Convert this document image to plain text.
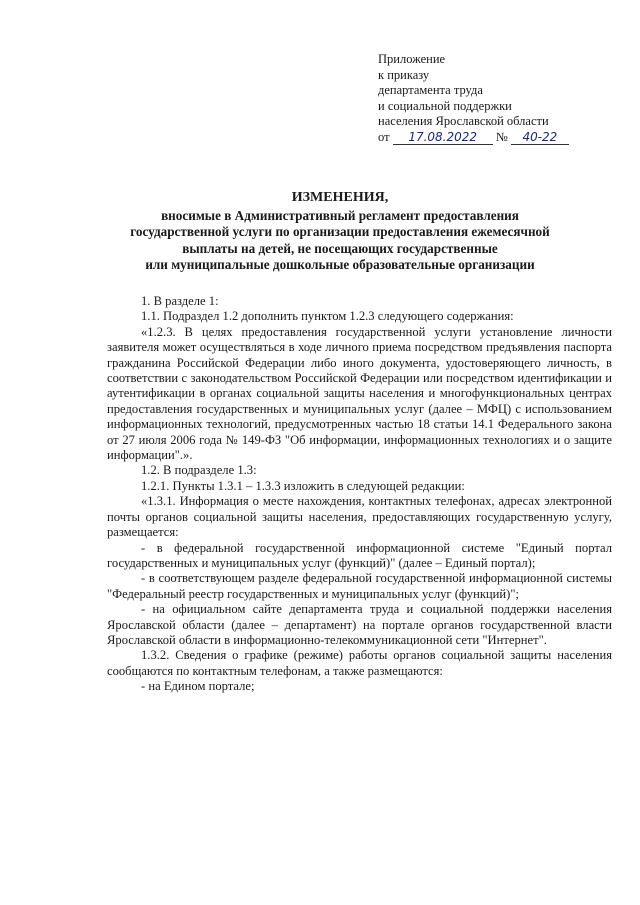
Приложение
к приказу
департамента труда
и социальной поддержки
населения Ярославской области
от 17.08.2022 № 40-22
ИЗМЕНЕНИЯ,
вносимые в Административный регламент предоставления
государственной услуги по организации предоставления ежемесячной
выплаты на детей, не посещающих государственные
или муниципальные дошкольные образовательные организации
1. В разделе 1:
1.1. Подраздел 1.2 дополнить пунктом 1.2.3 следующего содержания:
«1.2.3. В целях предоставления государственной услуги установление личности заявителя может осуществляться в ходе личного приема посредством предъявления паспорта гражданина Российской Федерации либо иного документа, удостоверяющего личность, в соответствии с законодательством Российской Федерации или посредством идентификации и аутентификации в органах социальной защиты населения и многофункциональных центрах предоставления государственных и муниципальных услуг (далее – МФЦ) с использованием информационных технологий, предусмотренных частью 18 статьи 14.1 Федерального закона от 27 июля 2006 года № 149-ФЗ "Об информации, информационных технологиях и о защите информации".».
1.2. В подразделе 1.3:
1.2.1. Пункты 1.3.1 – 1.3.3 изложить в следующей редакции:
«1.3.1. Информация о месте нахождения, контактных телефонах, адресах электронной почты органов социальной защиты населения, предоставляющих государственную услугу, размещается:
- в федеральной государственной информационной системе "Единый портал государственных и муниципальных услуг (функций)" (далее – Единый портал);
- в соответствующем разделе федеральной государственной информационной системы "Федеральный реестр государственных и муниципальных услуг (функций)";
- на официальном сайте департамента труда и социальной поддержки населения Ярославской области (далее – департамент) на портале органов государственной власти Ярославской области в информационно-телекоммуникационной сети "Интернет".
1.3.2. Сведения о графике (режиме) работы органов социальной защиты населения сообщаются по контактным телефонам, а также размещаются:
- на Едином портале;
